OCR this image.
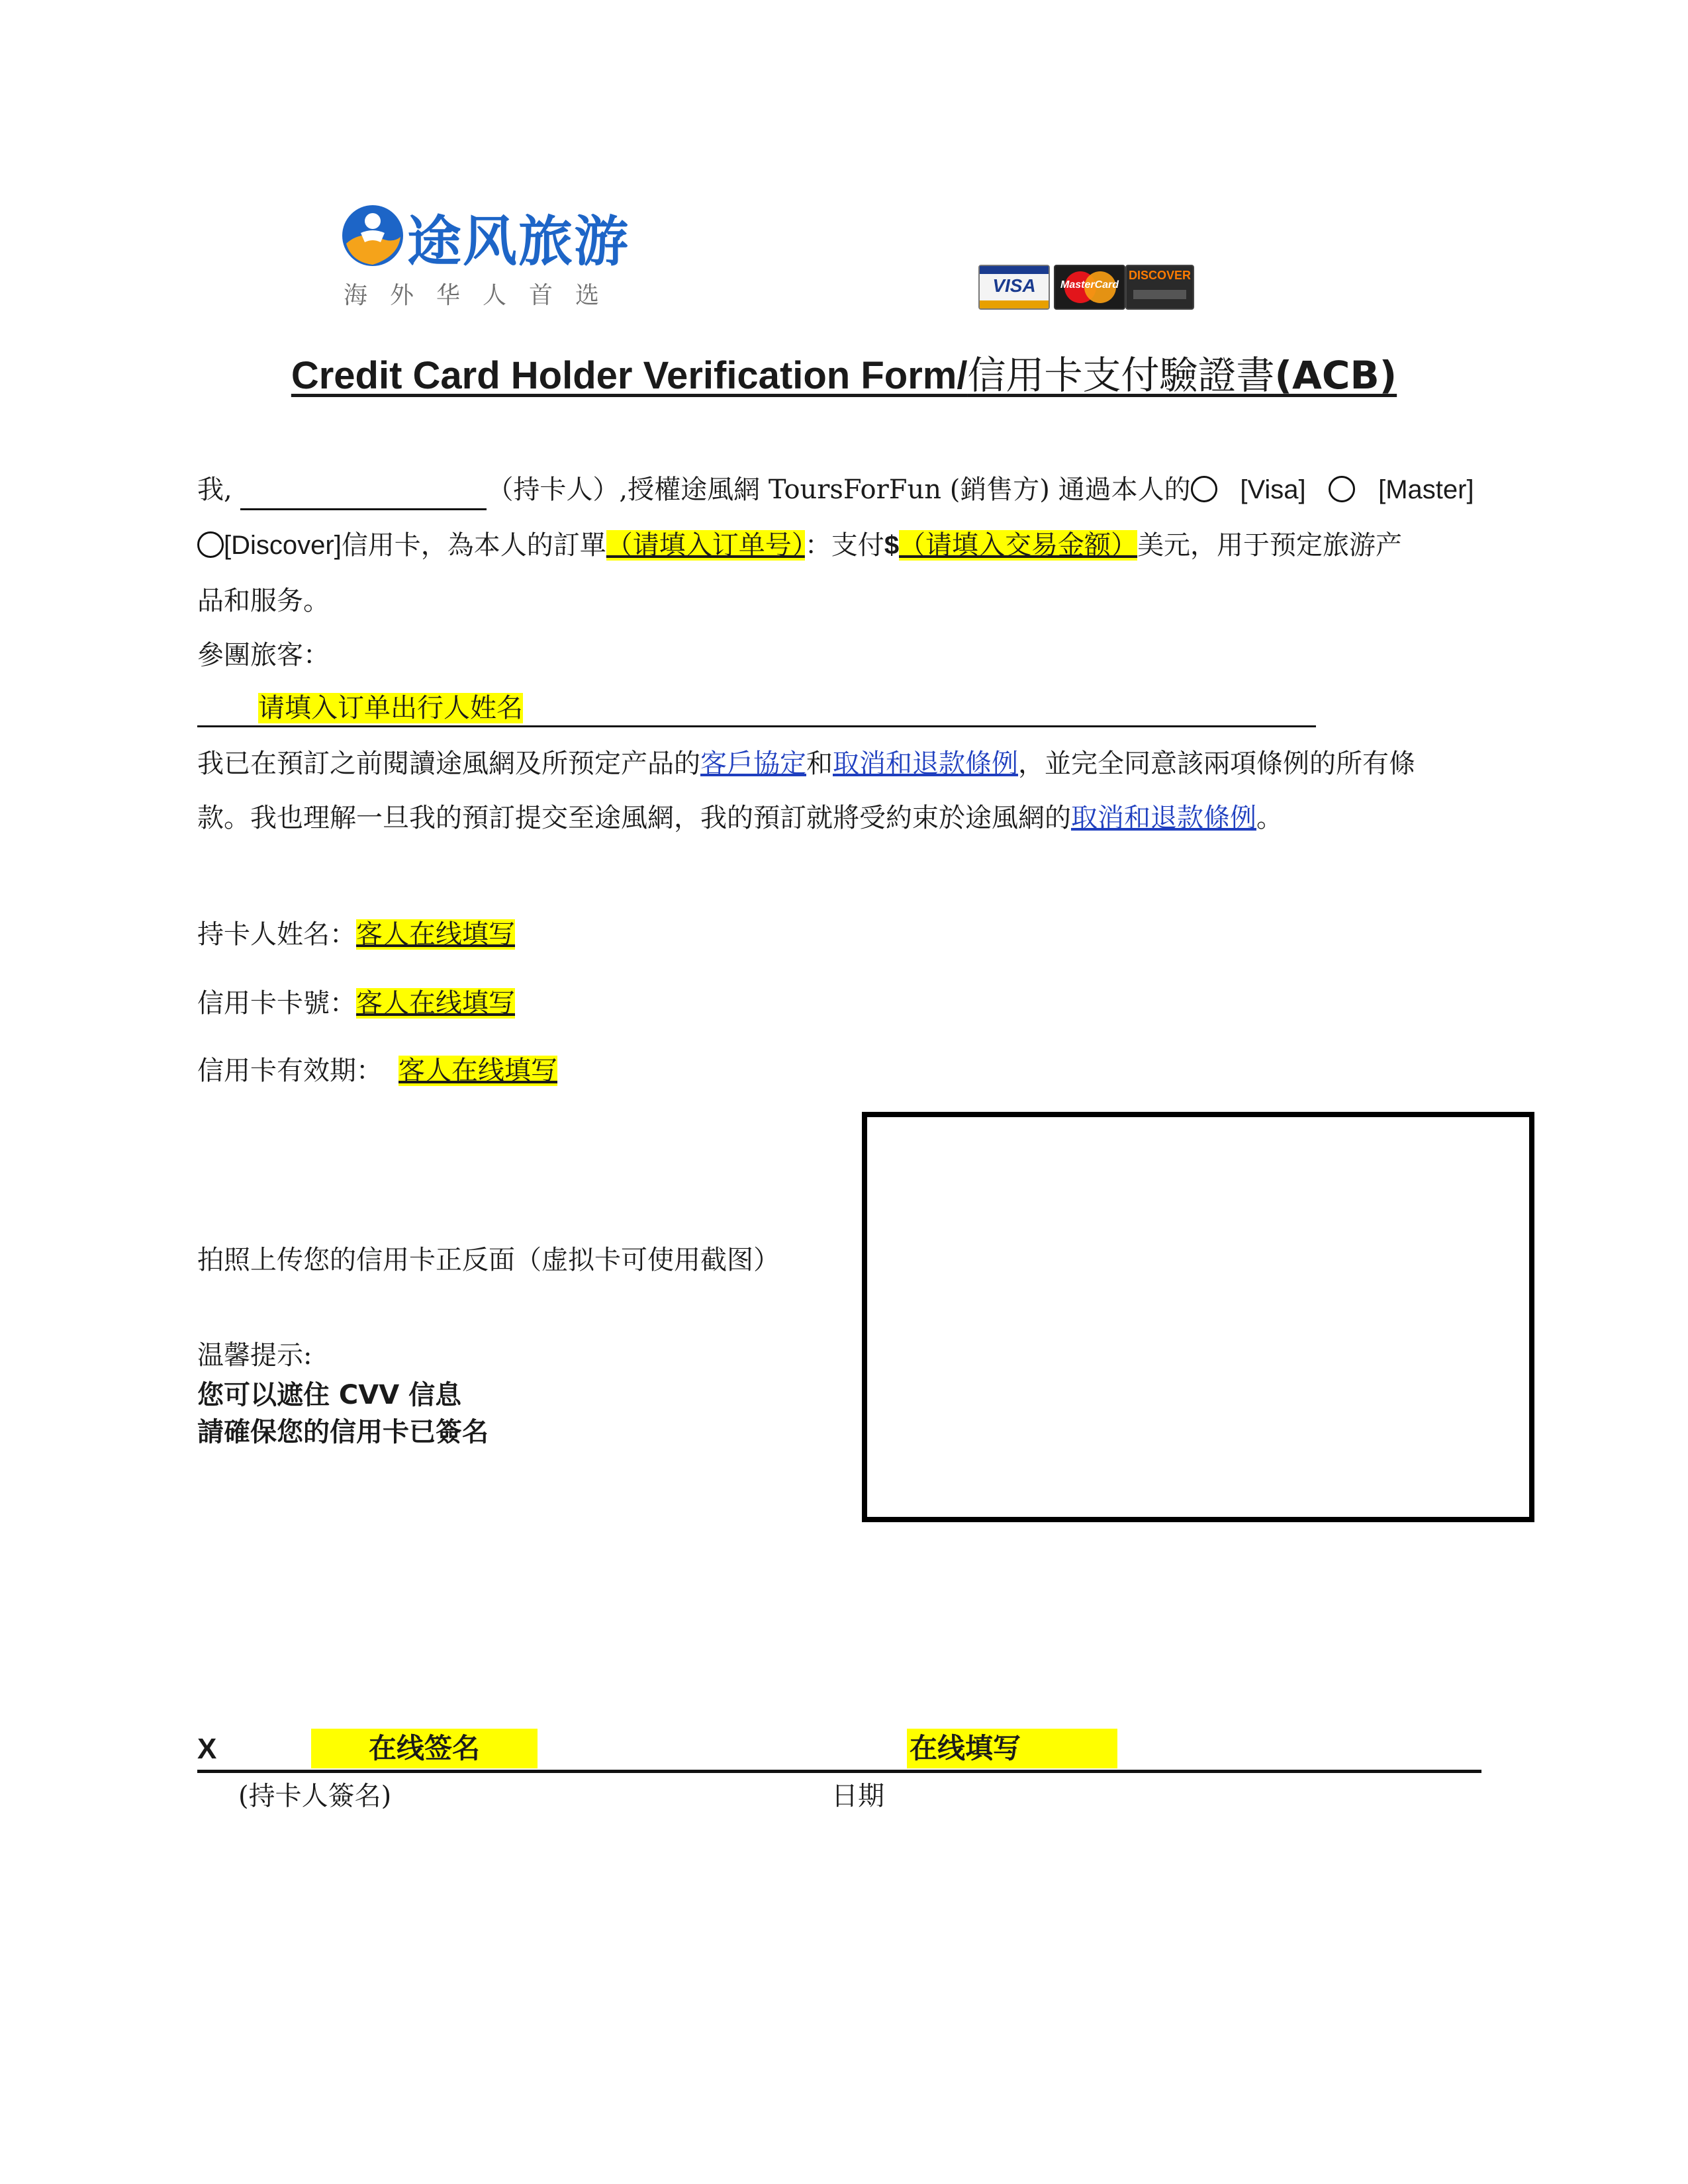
途风旅游
海外华人首选	VISA	MasterCard
DISCOVER
Credit Card Holder Verification Form/信用卡支付驗證書(ACB)
我,	（持卡人）,授權途風網 ToursForFun (銷售方) 通過本人的 [Visa]	[Master]
[Discover]信用卡，為本人的訂單（请填入订单号）：支付$（请填入交易金额）美元，用于预定旅游产
品和服务。
參團旅客：
请填入订单出行人姓名
我已在預訂之前閱讀途風網及所预定产品的客戶協定和取消和退款條例，並完全同意該兩項條例的所有條
款。我也理解一旦我的預訂提交至途風網，我的預訂就將受約束於途風網的取消和退款條例。
持卡人姓名：客人在线填写
信用卡卡號：客人在线填写
信用卡有效期： 客人在线填写
拍照上传您的信用卡正反面（虚拟卡可使用截图）
温馨提示:
您可以遮住 CVV 信息
請確保您的信用卡已簽名
X	在线签名	在线填写
(持卡人簽名)	日期
